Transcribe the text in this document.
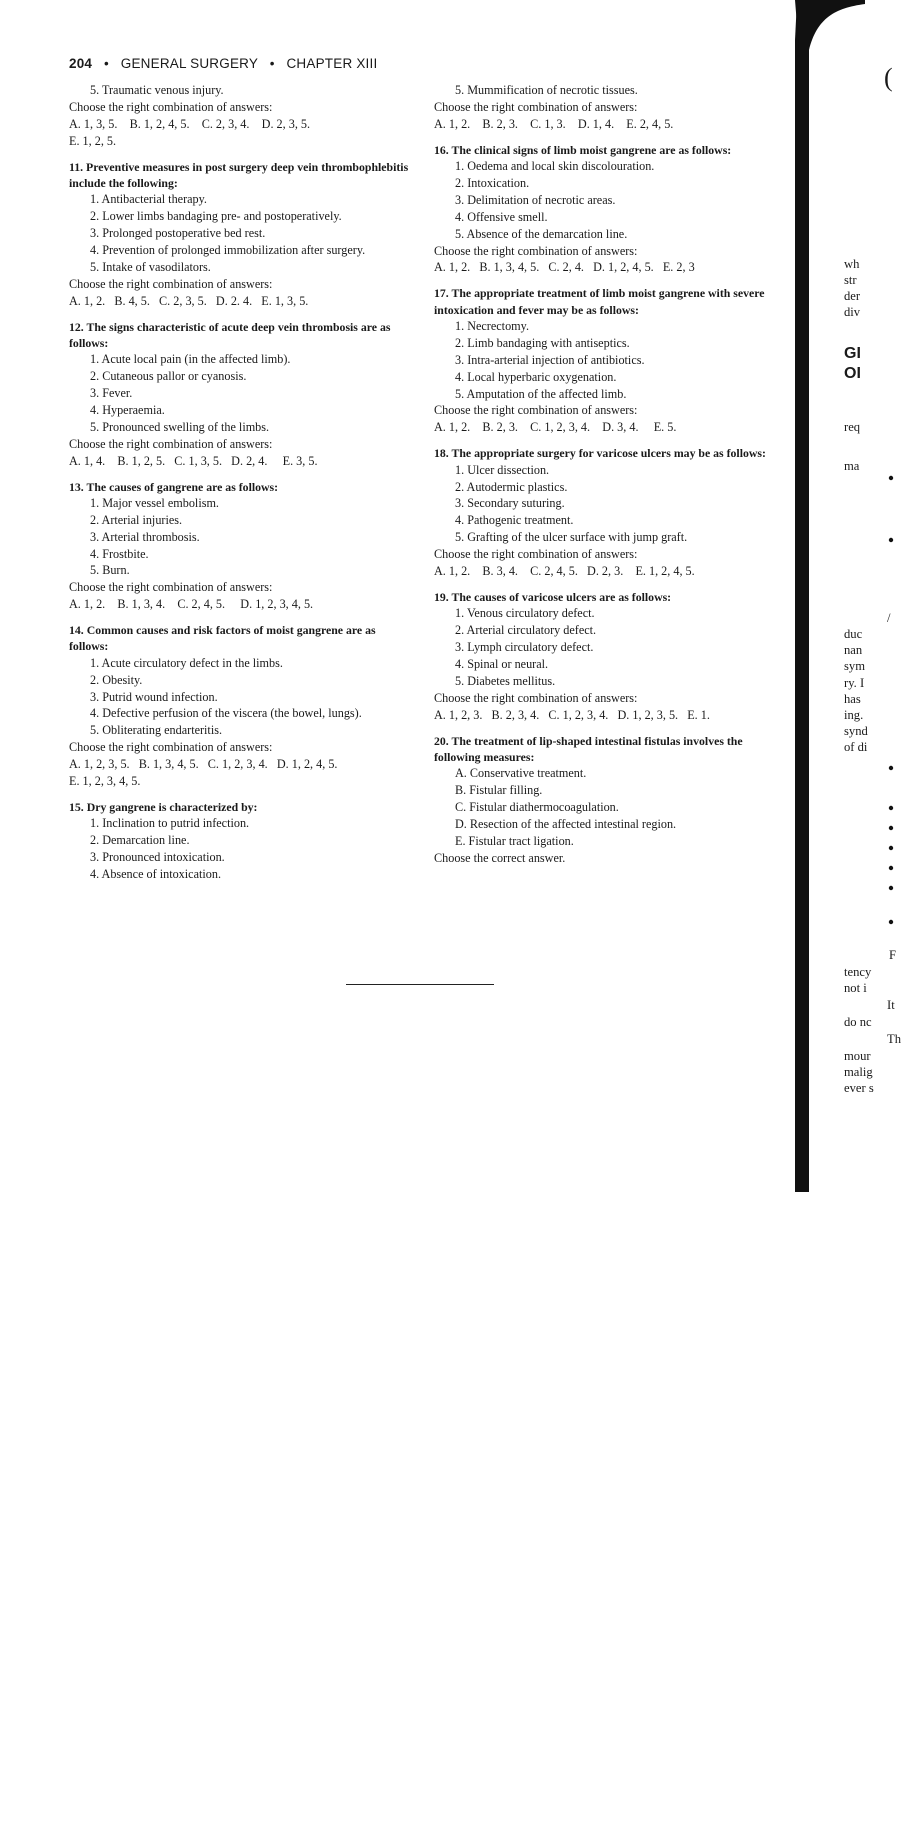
204 • GENERAL SURGERY • CHAPTER XIII
5. Traumatic venous injury.
Choose the right combination of answers:
A. 1, 3, 5.    B. 1, 2, 4, 5.    C. 2, 3, 4.    D. 2, 3, 5.
E. 1, 2, 5.
11. Preventive measures in post surgery deep vein thrombophlebitis include the following:
1. Antibacterial therapy.
2. Lower limbs bandaging pre- and postoperatively.
3. Prolonged postoperative bed rest.
4. Prevention of prolonged immobilization after surgery.
5. Intake of vasodilators.
Choose the right combination of answers:
A. 1, 2.   B. 4, 5.   C. 2, 3, 5.   D. 2. 4.   E. 1, 3, 5.
12. The signs characteristic of acute deep vein thrombosis are as follows:
1. Acute local pain (in the affected limb).
2. Cutaneous pallor or cyanosis.
3. Fever.
4. Hyperaemia.
5. Pronounced swelling of the limbs.
Choose the right combination of answers:
A. 1, 4.    B. 1, 2, 5.   C. 1, 3, 5.   D. 2, 4.     E. 3, 5.
13. The causes of gangrene are as follows:
1. Major vessel embolism.
2. Arterial injuries.
3. Arterial thrombosis.
4. Frostbite.
5. Burn.
Choose the right combination of answers:
A. 1, 2.    B. 1, 3, 4.    C. 2, 4, 5.     D. 1, 2, 3, 4, 5.
14. Common causes and risk factors of moist gangrene are as follows:
1. Acute circulatory defect in the limbs.
2. Obesity.
3. Putrid wound infection.
4. Defective perfusion of the viscera (the bowel, lungs).
5. Obliterating endarteritis.
Choose the right combination of answers:
A. 1, 2, 3, 5.   B. 1, 3, 4, 5.   C. 1, 2, 3, 4.   D. 1, 2, 4, 5.
E. 1, 2, 3, 4, 5.
15. Dry gangrene is characterized by:
1. Inclination to putrid infection.
2. Demarcation line.
3. Pronounced intoxication.
4. Absence of intoxication.
5. Mummification of necrotic tissues.
Choose the right combination of answers:
A. 1, 2.    B. 2, 3.    C. 1, 3.    D. 1, 4.    E. 2, 4, 5.
16. The clinical signs of limb moist gangrene are as follows:
1. Oedema and local skin discolouration.
2. Intoxication.
3. Delimitation of necrotic areas.
4. Offensive smell.
5. Absence of the demarcation line.
Choose the right combination of answers:
A. 1, 2.   B. 1, 3, 4, 5.   C. 2, 4.   D. 1, 2, 4, 5.   E. 2, 3
17. The appropriate treatment of limb moist gangrene with severe intoxication and fever may be as follows:
1. Necrectomy.
2. Limb bandaging with antiseptics.
3. Intra-arterial injection of antibiotics.
4. Local hyperbaric oxygenation.
5. Amputation of the affected limb.
Choose the right combination of answers:
A. 1, 2.    B. 2, 3.    C. 1, 2, 3, 4.    D. 3, 4.     E. 5.
18. The appropriate surgery for varicose ulcers may be as follows:
1. Ulcer dissection.
2. Autodermic plastics.
3. Secondary suturing.
4. Pathogenic treatment.
5. Grafting of the ulcer surface with jump graft.
Choose the right combination of answers:
A. 1, 2.    B. 3, 4.    C. 2, 4, 5.   D. 2, 3.    E. 1, 2, 4, 5.
19. The causes of varicose ulcers are as follows:
1. Venous circulatory defect.
2. Arterial circulatory defect.
3. Lymph circulatory defect.
4. Spinal or neural.
5. Diabetes mellitus.
Choose the right combination of answers:
A. 1, 2, 3.   B. 2, 3, 4.   C. 1, 2, 3, 4.   D. 1, 2, 3, 5.   E. 1.
20. The treatment of lip-shaped intestinal fistulas involves the following measures:
A. Conservative treatment.
B. Fistular filling.
C. Fistular diathermocoagulation.
D. Resection of the affected intestinal region.
E. Fistular tract ligation.
Choose the correct answer.
(
wh
str
der
div
GI
OI
req
ma
/
duc
nan
sym
ry. I
has
ing.
synd
of di
F
tency
not i
It
do nc
Th
mour
malig
ever s
